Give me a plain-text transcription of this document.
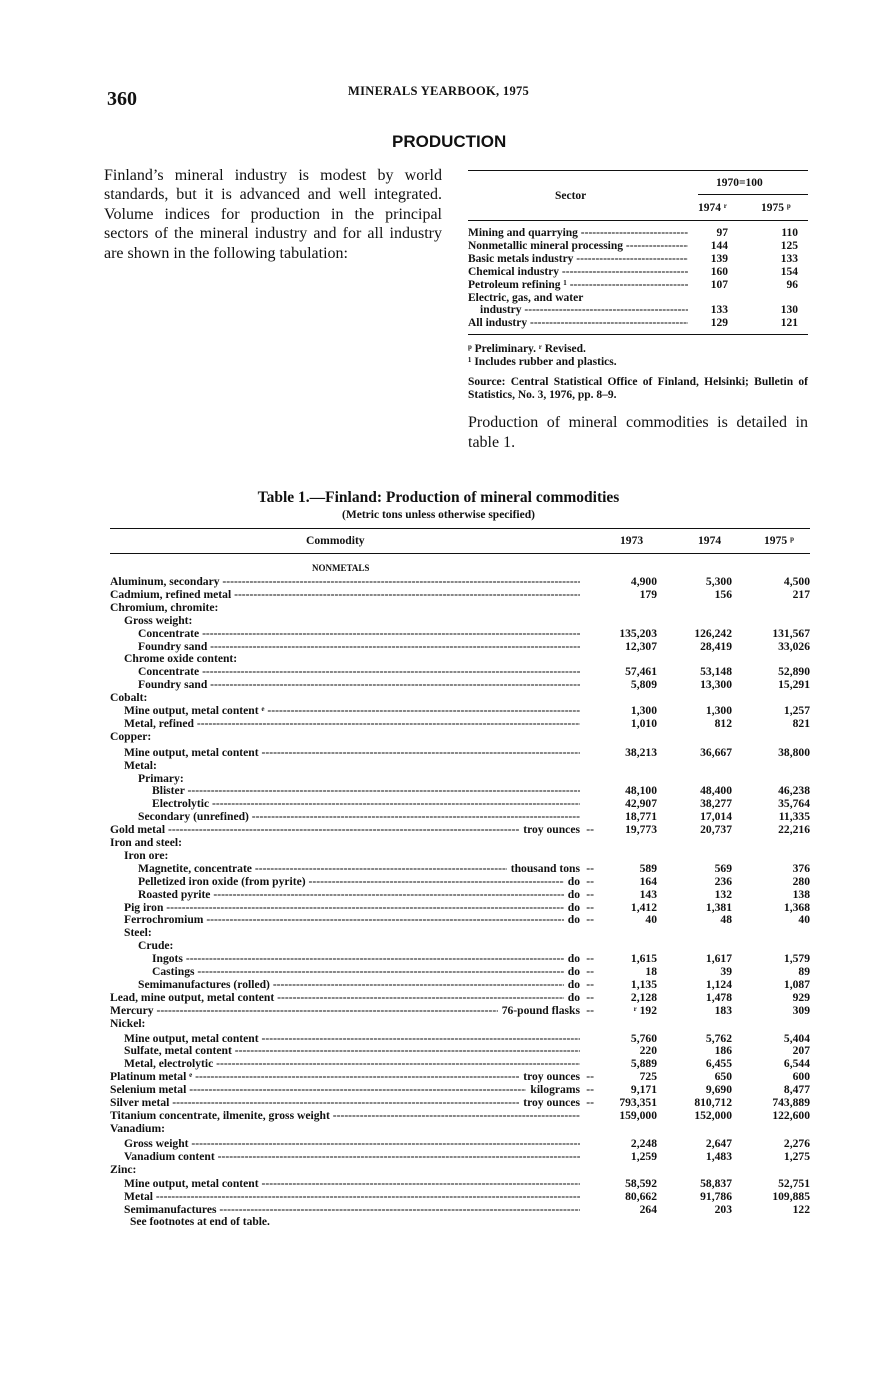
360	MINERALS YEARBOOK, 1975
PRODUCTION
Finland’s mineral industry is modest by world standards, but it is advanced and well integrated. Volume indices for production in the principal sectors of the mineral industry and for all industry are shown in the following tabulation:
Sector
1970=100
1974 ʳ	1975 ᵖ
Mining and quarrying -----	97	110
Nonmetallic mineral processing -----	144	125
Basic metals industry -----	139	133
Chemical industry -----	160	154
Petroleum refining ¹ -----	107	96
Electric, gas, and water
industry -----	133	130
All industry -----	129	121
ᵖ Preliminary. ʳ Revised.
¹ Includes rubber and plastics.
Source: Central Statistical Office of Finland, Helsinki; Bulletin of Statistics, No. 3, 1976, pp. 8–9.
Production of mineral commodities is detailed in table 1.
Table 1.—Finland: Production of mineral commodities
(Metric tons unless otherwise specified)
Commodity	1973	1974	1975 ᵖ
NONMETALS
Aluminum, secondary -----	4,900	5,300	4,500
Cadmium, refined metal -----	179	156	217
Chromium, chromite:
Gross weight:
Concentrate -----	135,203	126,242	131,567
Foundry sand -----	12,307	28,419	33,026
Chrome oxide content:
Concentrate -----	57,461	53,148	52,890
Foundry sand -----	5,809	13,300	15,291
Cobalt:
Mine output, metal content ᵉ -----	1,300	1,300	1,257
Metal, refined -----	1,010	812	821
Copper:
Mine output, metal content -----	38,213	36,667	38,800
Metal:
Primary:
Blister -----	48,100	48,400	46,238
Electrolytic -----	42,907	38,277	35,764
Secondary (unrefined) -----	18,771	17,014	11,335
Gold metal -----	troy ounces --	19,773	20,737	22,216
Iron and steel:
Iron ore:
Magnetite, concentrate -----	thousand tons --	589	569	376
Pelletized iron oxide (from pyrite) -----	do --	164	236	280
Roasted pyrite -----	do --	143	132	138
Pig iron -----	do --	1,412	1,381	1,368
Ferrochromium -----	do --	40	48	40
Steel:
Crude:
Ingots -----	do --	1,615	1,617	1,579
Castings -----	do --	18	39	89
Semimanufactures (rolled) -----	do --	1,135	1,124	1,087
Lead, mine output, metal content -----	do --	2,128	1,478	929
Mercury -----	76-pound flasks --	ʳ 192	183	309
Nickel:
Mine output, metal content -----	5,760	5,762	5,404
Sulfate, metal content -----	220	186	207
Metal, electrolytic -----	5,889	6,455	6,544
Platinum metal ᵉ -----	troy ounces --	725	650	600
Selenium metal -----	kilograms --	9,171	9,690	8,477
Silver metal -----	troy ounces --	793,351	810,712	743,889
Titanium concentrate, ilmenite, gross weight -----	159,000	152,000	122,600
Vanadium:
Gross weight -----	2,248	2,647	2,276
Vanadium content -----	1,259	1,483	1,275
Zinc:
Mine output, metal content -----	58,592	58,837	52,751
Metal -----	80,662	91,786	109,885
Semimanufactures -----	264	203	122
See footnotes at end of table.
